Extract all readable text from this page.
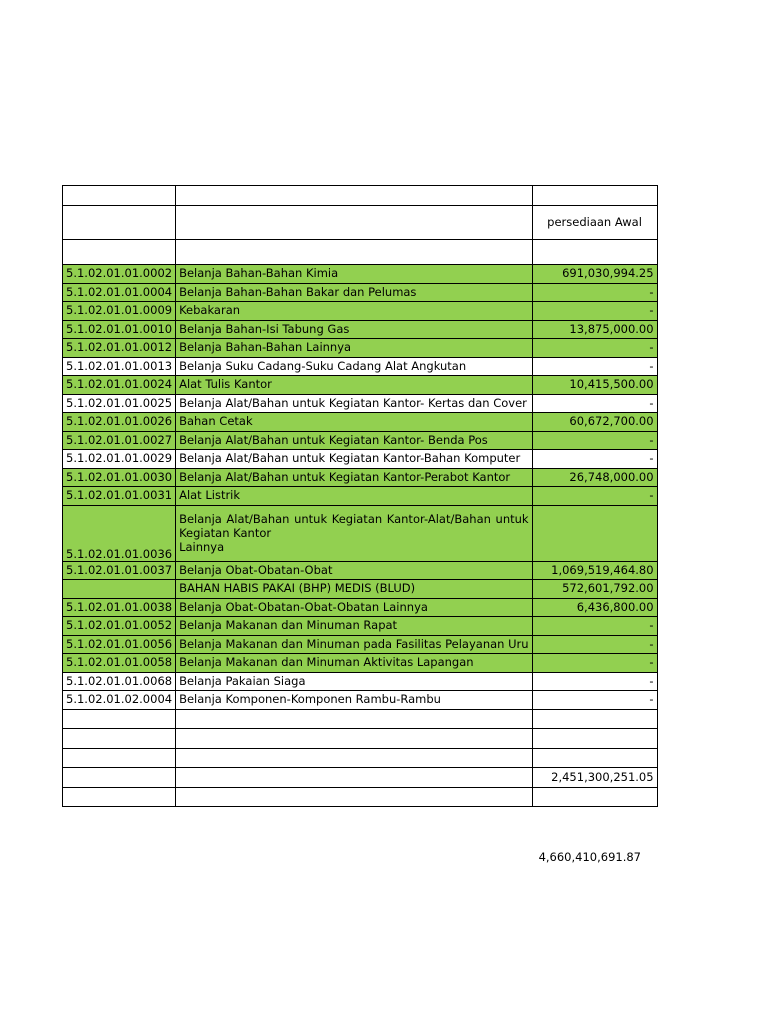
		persediaan Awal

5.1.02.01.01.0002	Belanja Bahan-Bahan Kimia	691,030,994.25
5.1.02.01.01.0004	Belanja Bahan-Bahan Bakar dan Pelumas	-
5.1.02.01.01.0009	Kebakaran	-
5.1.02.01.01.0010	Belanja Bahan-Isi Tabung Gas	13,875,000.00
5.1.02.01.01.0012	Belanja Bahan-Bahan Lainnya	-
5.1.02.01.01.0013	Belanja Suku Cadang-Suku Cadang Alat Angkutan	-
5.1.02.01.01.0024	Alat Tulis Kantor	10,415,500.00
5.1.02.01.01.0025	Belanja Alat/Bahan untuk Kegiatan Kantor- Kertas dan Cover	-
5.1.02.01.01.0026	Bahan Cetak	60,672,700.00
5.1.02.01.01.0027	Belanja Alat/Bahan untuk Kegiatan Kantor- Benda Pos	-
5.1.02.01.01.0029	Belanja Alat/Bahan untuk Kegiatan Kantor-Bahan Komputer	-
5.1.02.01.01.0030	Belanja Alat/Bahan untuk Kegiatan Kantor-Perabot Kantor	26,748,000.00
5.1.02.01.01.0031	Alat Listrik	-
5.1.02.01.01.0036	Belanja Alat/Bahan untuk Kegiatan Kantor-Alat/Bahan untuk Kegiatan Kantor
Lainnya	

5.1.02.01.01.0037	Belanja Obat-Obatan-Obat	1,069,519,464.80
	BAHAN HABIS PAKAI (BHP) MEDIS (BLUD)	572,601,792.00
5.1.02.01.01.0038	Belanja Obat-Obatan-Obat-Obatan Lainnya	6,436,800.00
5.1.02.01.01.0052	Belanja Makanan dan Minuman Rapat	-
5.1.02.01.01.0056	Belanja Makanan dan Minuman pada Fasilitas Pelayanan Uru	-
5.1.02.01.01.0058	Belanja Makanan dan Minuman Aktivitas Lapangan	-
5.1.02.01.01.0068	Belanja Pakaian Siaga	-
5.1.02.01.02.0004	Belanja Komponen-Komponen Rambu-Rambu	-

		2,451,300,251.05

4,660,410,691.87
